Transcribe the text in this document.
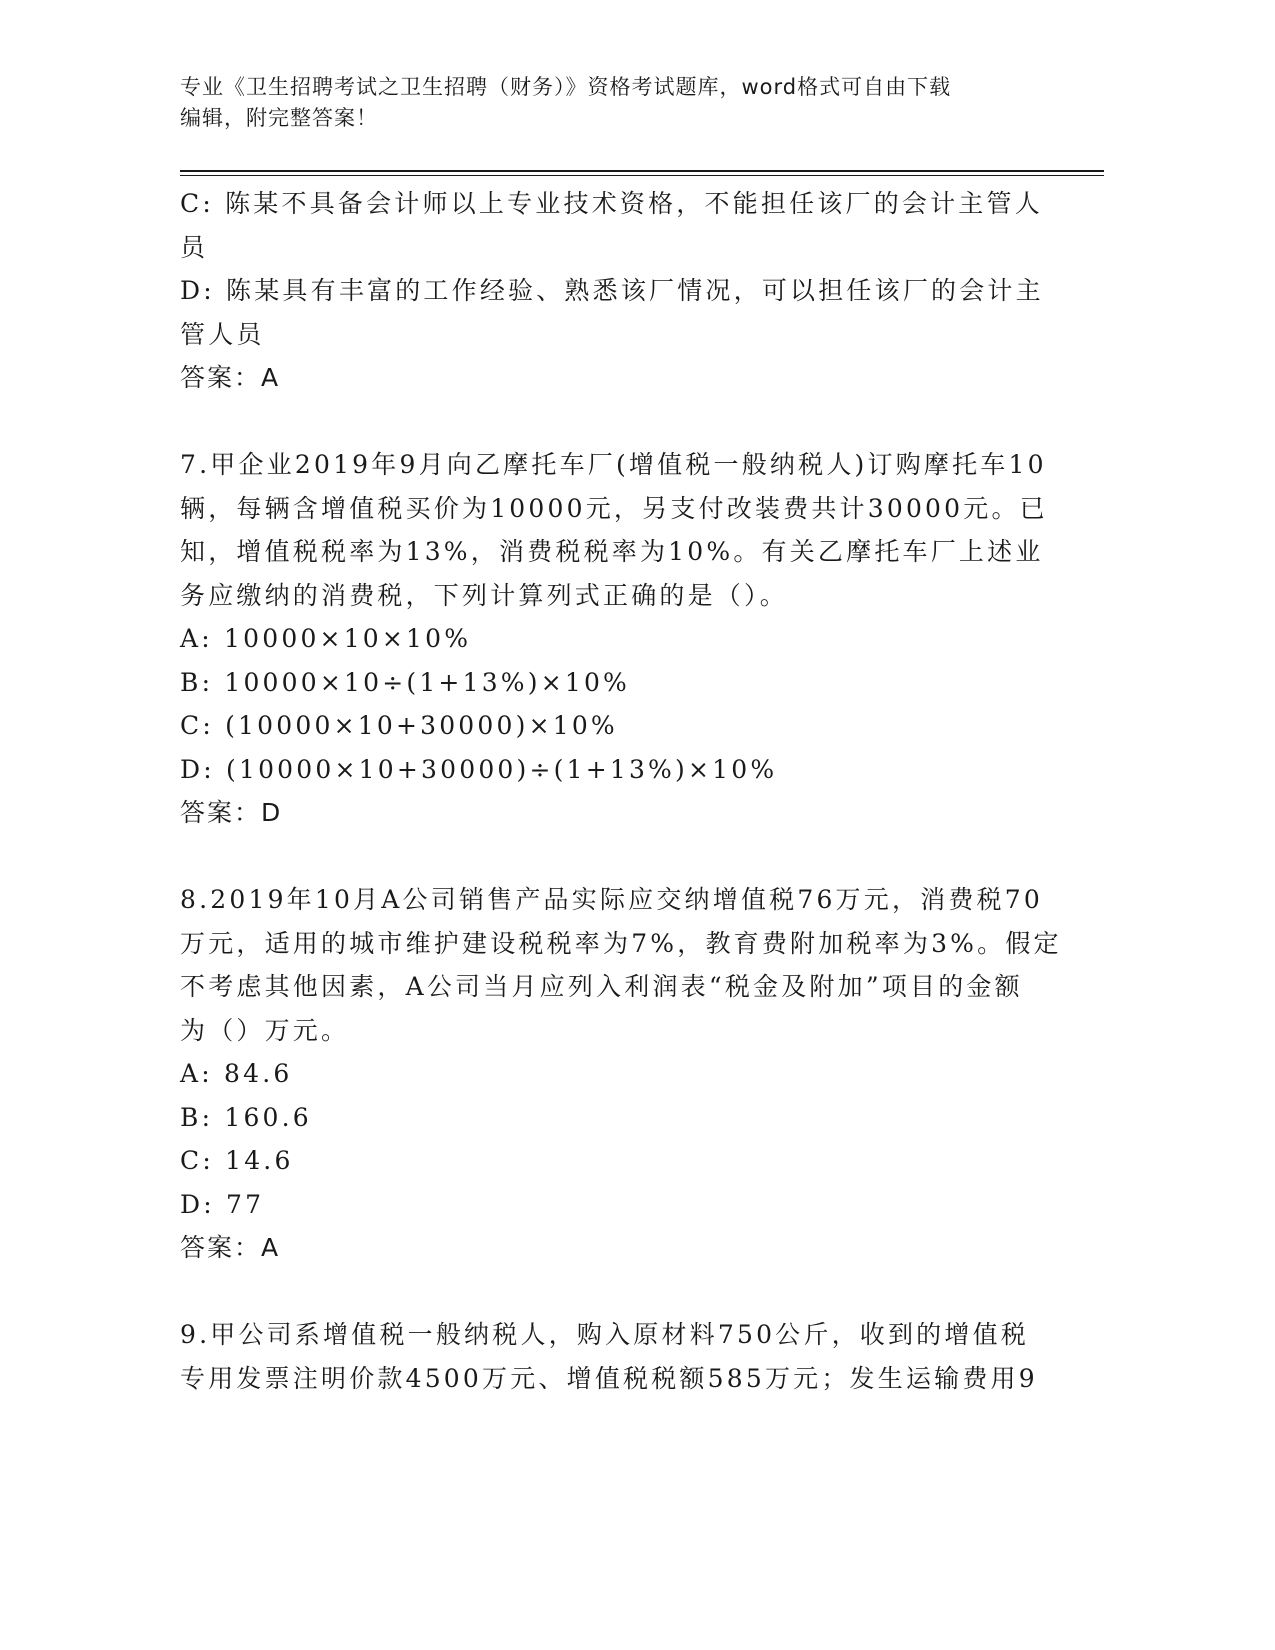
专业《卫生招聘考试之卫生招聘（财务）》资格考试题库，word格式可自由下载
编辑，附完整答案！
C: 陈某不具备会计师以上专业技术资格，不能担任该厂的会计主管人
员
D: 陈某具有丰富的工作经验、熟悉该厂情况，可以担任该厂的会计主
管人员
答案：A
7.甲企业2019年9月向乙摩托车厂(增值税一般纳税人)订购摩托车10
辆，每辆含增值税买价为10000元，另支付改装费共计30000元。已
知，增值税税率为13%，消费税税率为10%。有关乙摩托车厂上述业
务应缴纳的消费税，下列计算列式正确的是（）。
A: 10000×10×10%
B: 10000×10÷(1+13%)×10%
C: (10000×10+30000)×10%
D: (10000×10+30000)÷(1+13%)×10%
答案：D
8.2019年10月A公司销售产品实际应交纳增值税76万元，消费税70
万元，适用的城市维护建设税税率为7%，教育费附加税率为3%。假定
不考虑其他因素，A公司当月应列入利润表“税金及附加”项目的金额
为（）万元。
A: 84.6
B: 160.6
C: 14.6
D: 77
答案：A
9.甲公司系增值税一般纳税人，购入原材料750公斤，收到的增值税
专用发票注明价款4500万元、增值税税额585万元；发生运输费用9
